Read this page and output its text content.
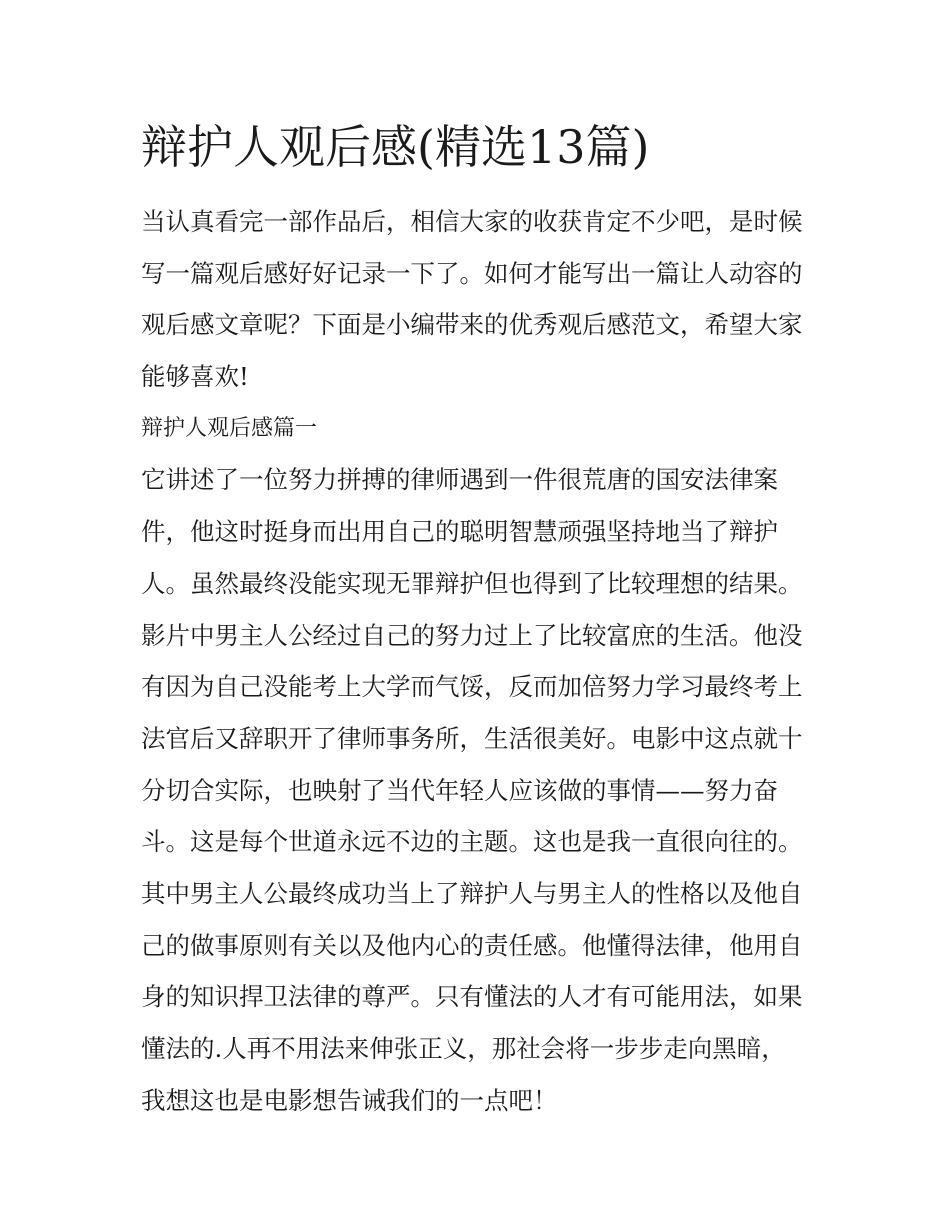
辩护人观后感(精选13篇)
当认真看完一部作品后，相信大家的收获肯定不少吧，是时候
写一篇观后感好好记录一下了。如何才能写出一篇让人动容的
观后感文章呢？下面是小编带来的优秀观后感范文，希望大家
能够喜欢!
辩护人观后感篇一
它讲述了一位努力拼搏的律师遇到一件很荒唐的国安法律案
件，他这时挺身而出用自己的聪明智慧顽强坚持地当了辩护
人。虽然最终没能实现无罪辩护但也得到了比较理想的结果。
影片中男主人公经过自己的努力过上了比较富庶的生活。他没
有因为自己没能考上大学而气馁，反而加倍努力学习最终考上
法官后又辞职开了律师事务所，生活很美好。电影中这点就十
分切合实际，也映射了当代年轻人应该做的事情——努力奋
斗。这是每个世道永远不边的主题。这也是我一直很向往的。
其中男主人公最终成功当上了辩护人与男主人的性格以及他自
己的做事原则有关以及他内心的责任感。他懂得法律，他用自
身的知识捍卫法律的尊严。只有懂法的人才有可能用法，如果
懂法的.人再不用法来伸张正义，那社会将一步步走向黑暗，
我想这也是电影想告诫我们的一点吧！
